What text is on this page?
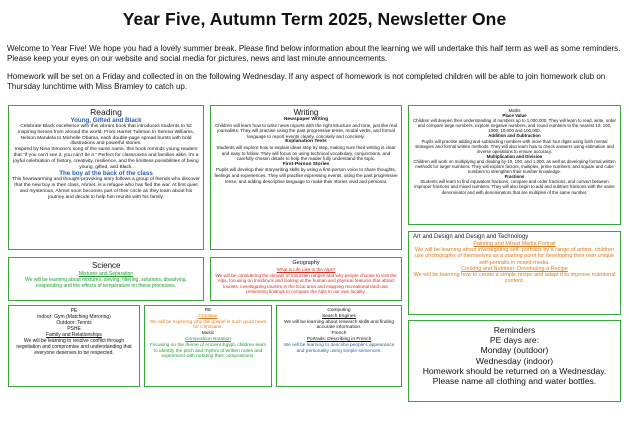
Year Five, Autumn Term 2025, Newsletter One
Welcome to Year Five! We hope you had a lovely summer break. Please find below information about the learning we will undertake this half term as well as some reminders. Please keep your eyes on our website and social media for pictures, news and last minute announcements.
Homework will be set on a Friday and collected in on the following Wednesday. If any aspect of homework is not completed children will be able to join homework club on Thursday lunchtime with Miss Bramley to catch up.
Reading
Young, Gifted and Black
Celebrate Black excellence with this vibrant book that introduces students to 52 inspiring heroes from around the world. From Harriet Tubman to Serena Williams, Nelson Mandela to Michelle Obama, each double-page spread bursts with bold illustrations and powerful stories.
Inspired by Nina Simone's song of the same name, this book reminds young readers that "if you can't see it, you can't be it." Perfect for classrooms and families alike, it's a joyful celebration of history, creativity, resilience, and the limitless possibilities of being young, gifted, and Black.
The boy at the back of the class
This heartwarming and thought-provoking story follows a group of friends who discover that the new boy in their class, Ahmet, is a refugee who has fled the war. At first quiet and mysterious, Ahmet soon becomes part of their circle as they learn about his journey and decide to help him reunite with his family.
Writing
Newspaper Writing
Children will learn how to write news reports with the right structure and tone, just like real journalists. They will practise using the past progressive tense, modal verbs, and formal language to report events clearly, concisely and concisely.
Explanation Texts
Students will explore how to explain ideas step by step, making sure their writing is clear and easy to follow. They will focus on using technical vocabulary, conjunctions, and carefully chosen details to help the reader fully understand the topic.
First-Person Stories
Pupils will develop their storywriting skills by using a first-person voice to share thoughts, feelings and experiences. They will practise expressing events, using the past progressive tense, and adding descriptive language to make their stories vivid and personal.
Maths
Place Value
Children will deepen their understanding of numbers up to 1,000,000. They will learn to read, write, order and compare large numbers, explore negative numbers, and round numbers to the nearest 10, 100, 1000, 10,000 and 100,000.
Addition and Subtraction
Pupils will practise adding and subtracting numbers with more than four digits using both mental strategies and formal written methods. They will also learn how to check answers using estimation and inverse operations to ensure accuracy.
Multiplication and Division
Children will work on multiplying and dividing by 10, 100, and 1,000, as well as developing formal written methods for larger numbers. They will explore factors, multiples, prime numbers, and square and cube numbers to strengthen their number knowledge.
Fractions
Students will learn to find equivalent fractions, compare and order fractions, and convert between improper fractions and mixed numbers. They will also begin to add and subtract fractions with the same denominator and with denominators that are multiples of the same number.
Science
Mixtures and Separation
We will be learning about mixtures, sieving, filtering, solutions, dissolving, evaporating and the effects of temperature on these processes.
Geography
What is Life Like in the Alps?
We will be considering the climate of mountain ranges and why people choose to visit the Alps, focusing on Innsbruck and looking at the human and physical features that attract tourists, investigating tourism in the local area and mapping recreational land use, presenting findings to compare the Alps to our own locality.
Art and Design and Design and Technology
Painting and Mixed Media Portrait
We will be learning about investigating self- portraits by a range of artists, children use photographs of themselves as a starting point for developing their own unique self-portraits in mixed-media.
Cooking and Nutrition: Developing a Recipe
We will be learning how to create a simple recipe and adapt it to improve nutritional content.
PE
Indoor: Gym (Matching Mirroring)
Outdoor: Tennis
PSHE
Family and Relationships
We will be learning to resolve conflict through negotiation and compromise and understanding that everyone deserves to be respected.
RE
Christian
We will be exploring why the gospel is such good news for Christians.
Music
Composition Notation
Focusing on the theme of Ancient Egypt, children learn to identify the pitch and rhythm of written notes and experiment with notating their compositions.
Computing
Search Engines
We will be learning about research skills and finding accurate information.
French
Portraits: Describing in French
We will be learning to describe people's appearance and personality using simple sentences.
Reminders
PE days are:
Monday (outdoor)
Wednesday (indoor)
Homework should be returned on a Wednesday.
Please name all clothing and water bottles.
